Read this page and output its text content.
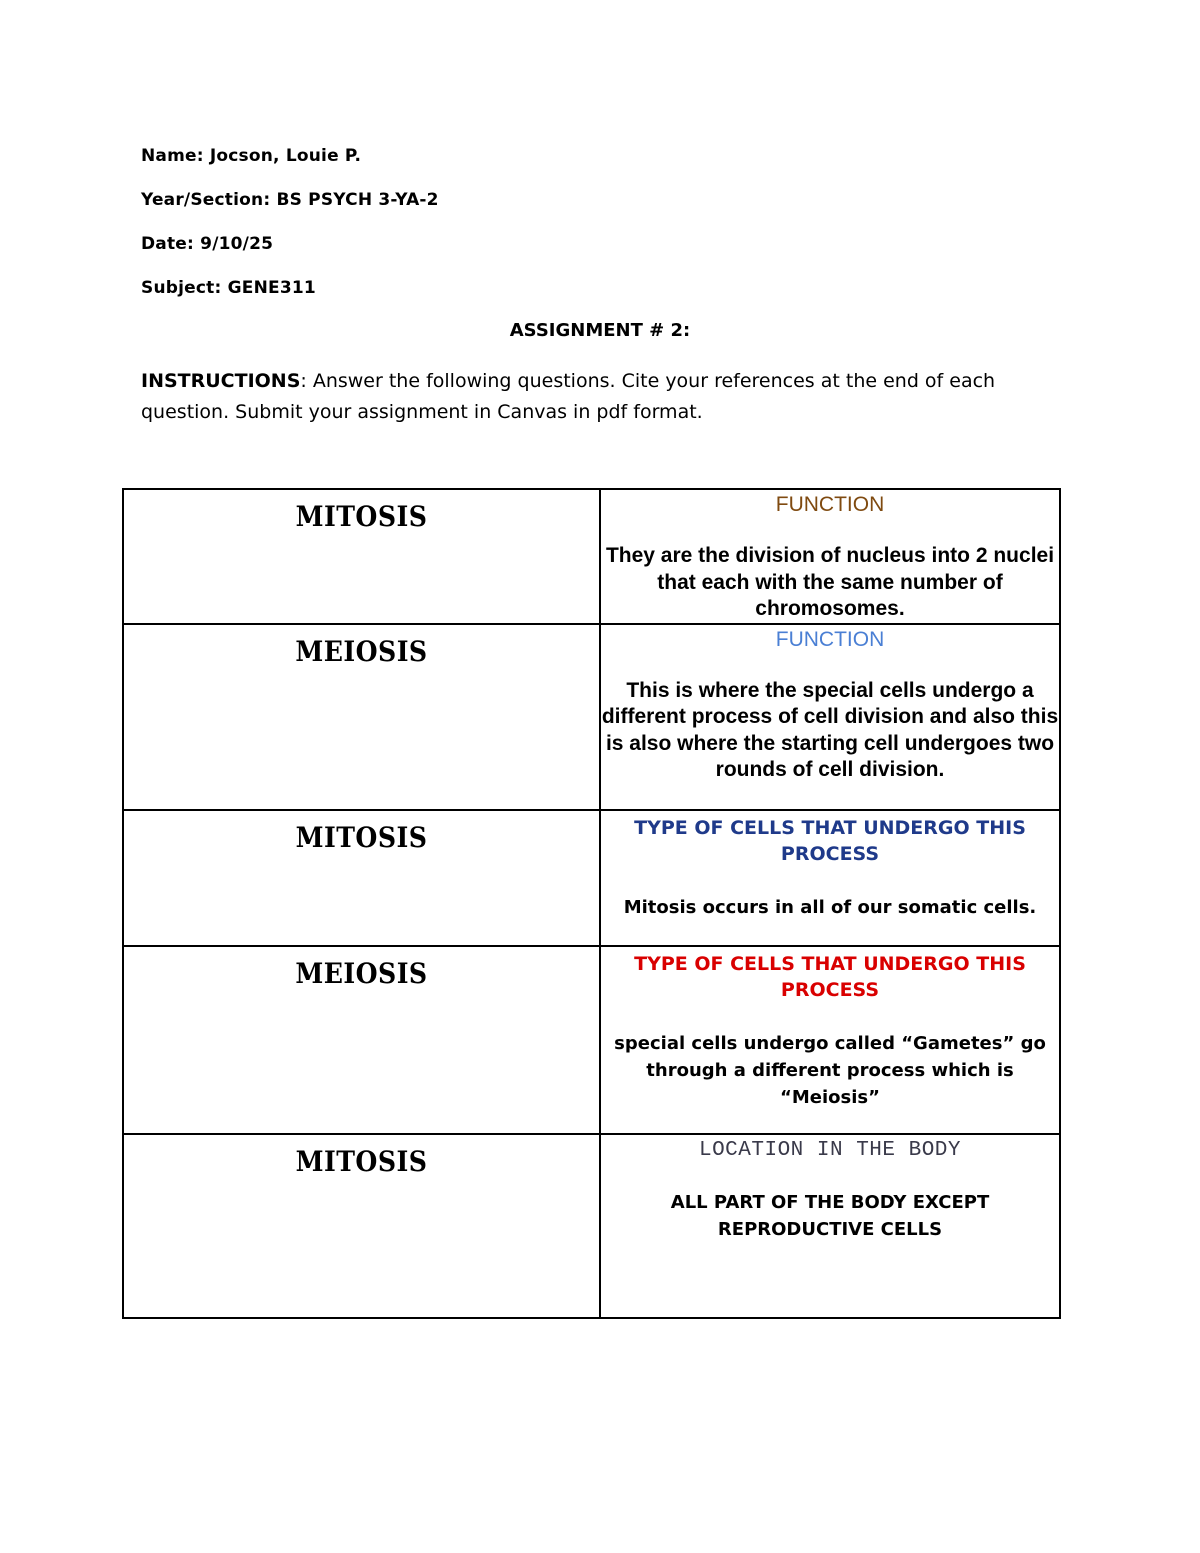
Name: Jocson, Louie P.

Year/Section: BS PSYCH 3-YA-2

Date: 9/10/25

Subject: GENE311

ASSIGNMENT # 2:

INSTRUCTIONS: Answer the following questions. Cite your references at the end of each question. Submit your assignment in Canvas in pdf format.

MITOSIS	FUNCTION
They are the division of nucleus into 2 nuclei that each with the same number of chromosomes.

MEIOSIS	FUNCTION
This is where the special cells undergo a different process of cell division and also this is also where the starting cell undergoes two rounds of cell division.

MITOSIS	TYPE OF CELLS THAT UNDERGO THIS PROCESS
Mitosis occurs in all of our somatic cells.

MEIOSIS	TYPE OF CELLS THAT UNDERGO THIS PROCESS
special cells undergo called “Gametes” go through a different process which is “Meiosis”

MITOSIS	LOCATION IN THE BODY
ALL PART OF THE BODY EXCEPT REPRODUCTIVE CELLS
